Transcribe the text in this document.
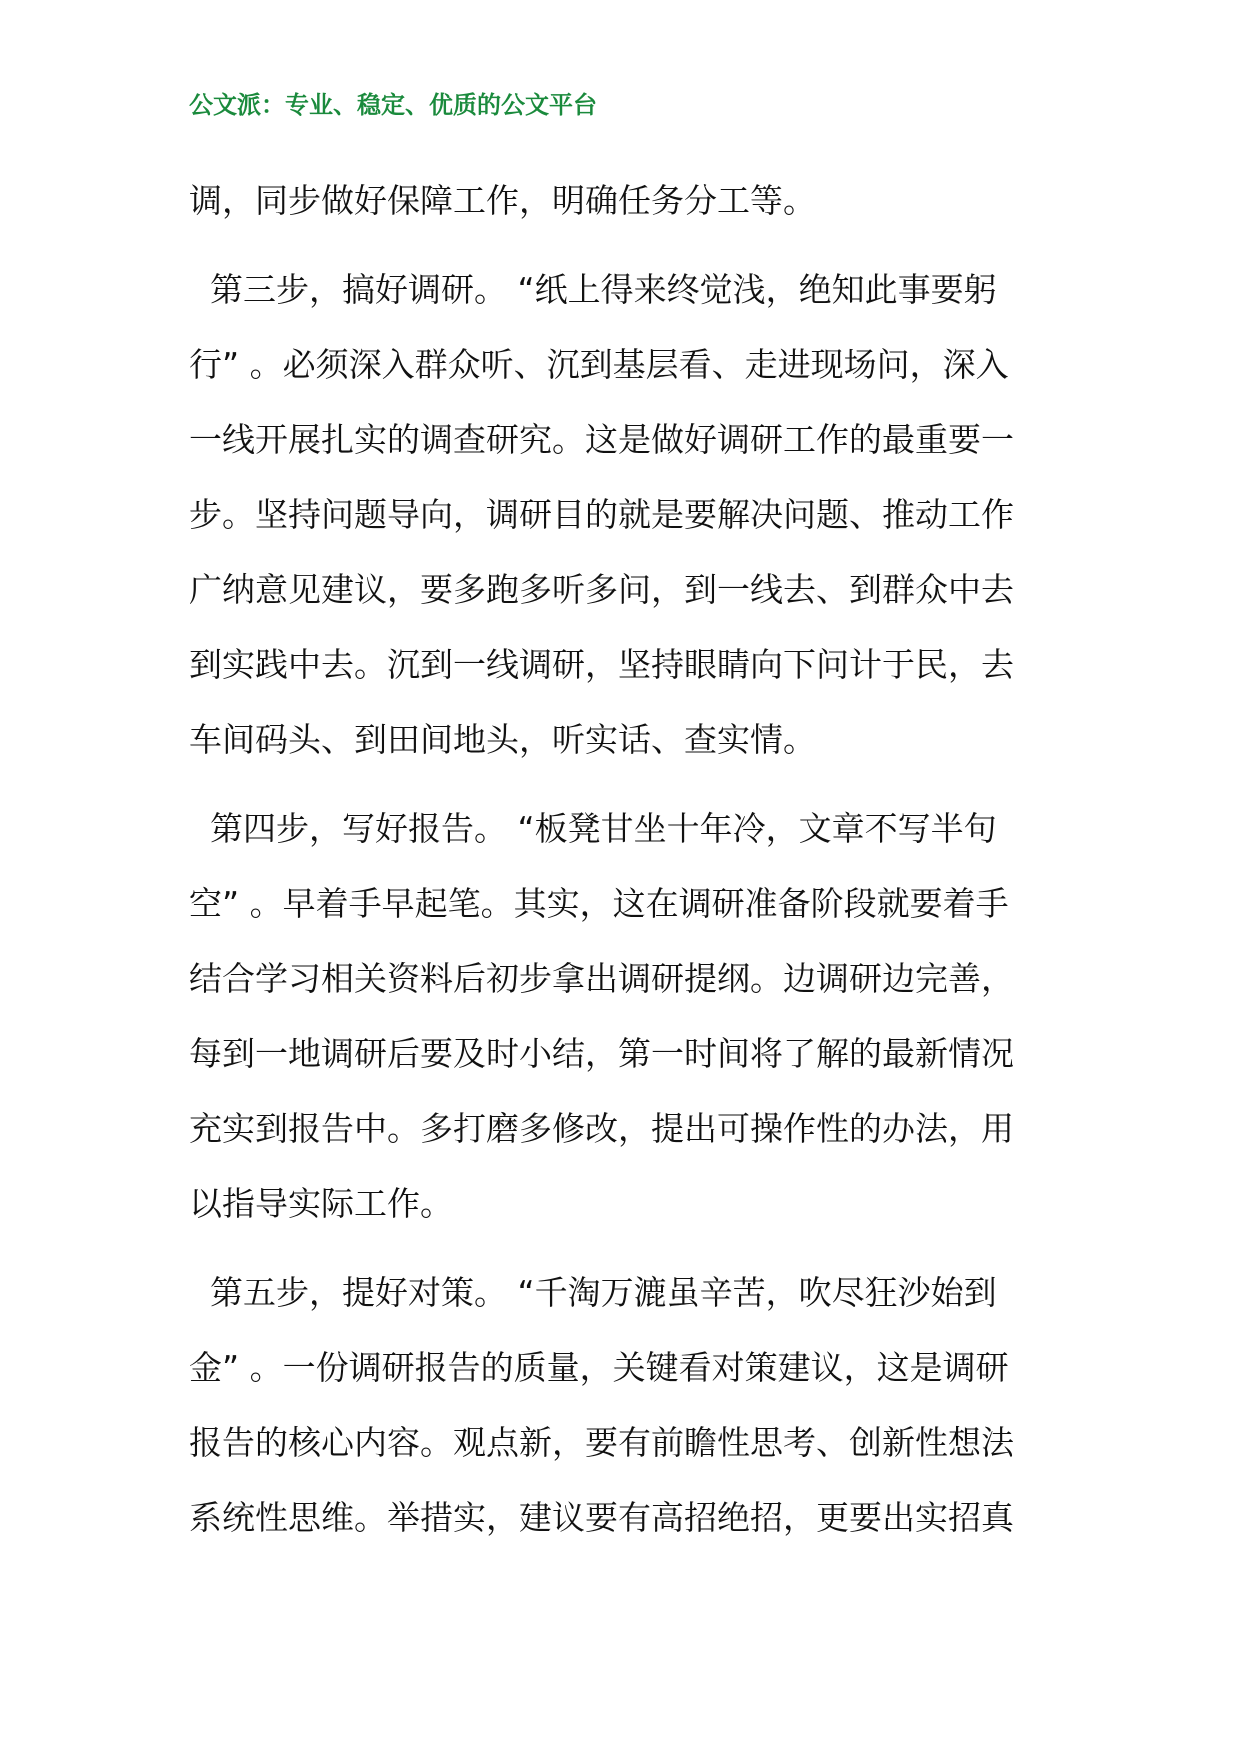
公文派：专业、稳定、优质的公文平台
调，同步做好保障工作，明确任务分工等。
第三步，搞好调研。 “纸上得来终觉浅，绝知此事要躬
行” 。必须深入群众听、沉到基层看、走进现场问，深入
一线开展扎实的调查研究。这是做好调研工作的最重要一
步。坚持问题导向，调研目的就是要解决问题、推动工作
广纳意见建议，要多跑多听多问，到一线去、到群众中去
到实践中去。沉到一线调研，坚持眼睛向下问计于民，去
车间码头、到田间地头，听实话、查实情。
第四步，写好报告。 “板凳甘坐十年冷，文章不写半句
空” 。早着手早起笔。其实，这在调研准备阶段就要着手
结合学习相关资料后初步拿出调研提纲。边调研边完善，
每到一地调研后要及时小结，第一时间将了解的最新情况
充实到报告中。多打磨多修改，提出可操作性的办法，用
以指导实际工作。
第五步，提好对策。 “千淘万漉虽辛苦，吹尽狂沙始到
金” 。一份调研报告的质量，关键看对策建议，这是调研
报告的核心内容。观点新，要有前瞻性思考、创新性想法
系统性思维。举措实，建议要有高招绝招，更要出实招真
